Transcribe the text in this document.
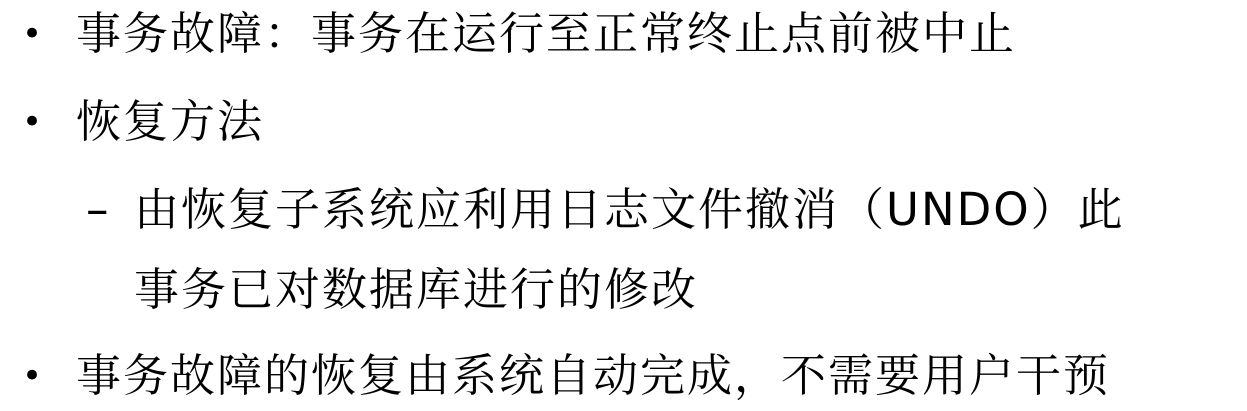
• 事务故障：事务在运行至正常终止点前被中止
• 恢复方法
– 由恢复子系统应利用日志文件撤消（UNDO）此
事务已对数据库进行的修改
• 事务故障的恢复由系统自动完成，不需要用户干预
